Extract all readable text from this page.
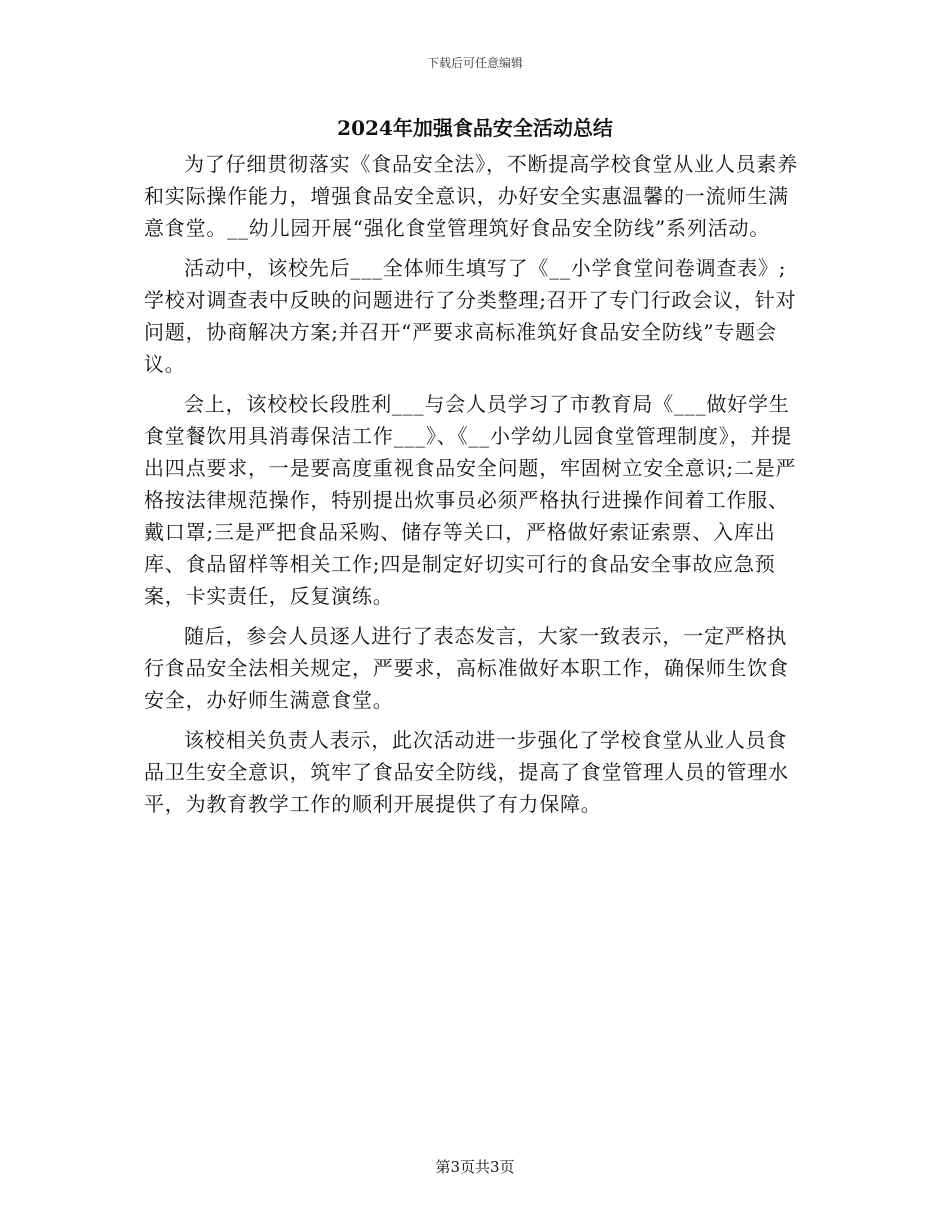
下载后可任意编辑
2024年加强食品安全活动总结

为了仔细贯彻落实《食品安全法》，不断提高学校食堂从业人员素养和实际操作能力，增强食品安全意识，办好安全实惠温馨的一流师生满意食堂。__幼儿园开展“强化食堂管理筑好食品安全防线”系列活动。

活动中，该校先后___全体师生填写了《__小学食堂问卷调查表》;学校对调查表中反映的问题进行了分类整理;召开了专门行政会议，针对问题，协商解决方案;并召开“严要求高标准筑好食品安全防线”专题会议。

会上，该校校长段胜利___与会人员学习了市教育局《___做好学生食堂餐饮用具消毒保洁工作___》、《__小学幼儿园食堂管理制度》，并提出四点要求，一是要高度重视食品安全问题，牢固树立安全意识;二是严格按法律规范操作，特别提出炊事员必须严格执行进操作间着工作服、戴口罩;三是严把食品采购、储存等关口，严格做好索证索票、入库出库、食品留样等相关工作;四是制定好切实可行的食品安全事故应急预案，卡实责任，反复演练。

随后，参会人员逐人进行了表态发言，大家一致表示，一定严格执行食品安全法相关规定，严要求，高标准做好本职工作，确保师生饮食安全，办好师生满意食堂。

该校相关负责人表示，此次活动进一步强化了学校食堂从业人员食品卫生安全意识，筑牢了食品安全防线，提高了食堂管理人员的管理水平，为教育教学工作的顺利开展提供了有力保障。

第3页共3页
